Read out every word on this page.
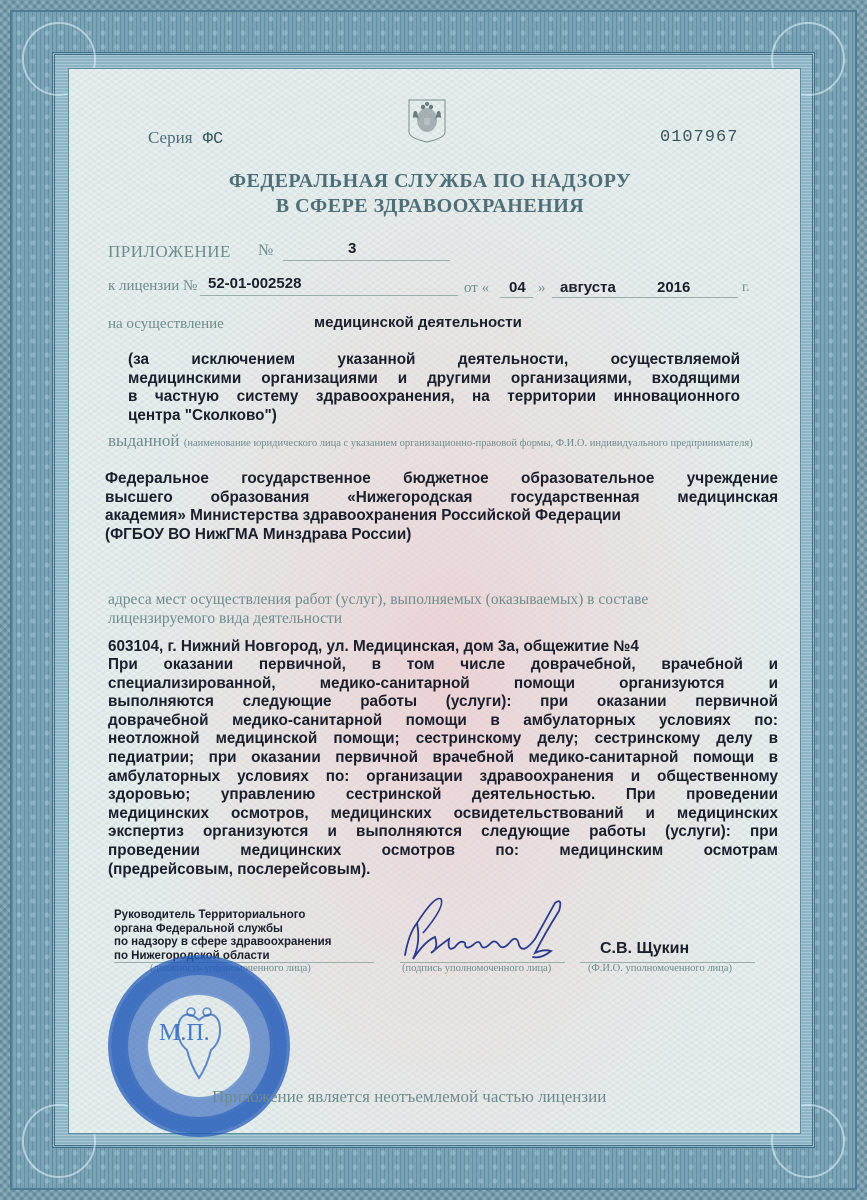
Серия ФС	0107967
ФЕДЕРАЛЬНАЯ СЛУЖБА ПО НАДЗОРУ
В СФЕРЕ ЗДРАВООХРАНЕНИЯ
ПРИЛОЖЕНИЕ №	3
к лицензии № 52-01-002528	от « 04 » августа	2016	г.
на осуществление	медицинской деятельности

(за исключением указанной деятельности, осуществляемой

медицинскими организациями и другими организациями, входящими

в частную систему здравоохранения, на территории инновационного

центра "Сколково")

выданной (наименование юридического лица с указанием организационно-правовой формы, Ф.И.О. индивидуального предпринимателя)

Федеральное государственное бюджетное образовательное учреждение

высшего образования «Нижегородская государственная медицинская

академия» Министерства здравоохранения Российской Федерации

(ФГБОУ ВО НижГМА Минздрава России)

адреса мест осуществления работ (услуг), выполняемых (оказываемых) в составе
лицензируемого вида деятельности
603104, г. Нижний Новгород, ул. Медицинская, дом 3а, общежитие №4

При оказании первичной, в том числе доврачебной, врачебной и

специализированной, медико-санитарной помощи организуются и

выполняются следующие работы (услуги): при оказании первичной

доврачебной медико-санитарной помощи в амбулаторных условиях по:

неотложной медицинской помощи; сестринскому делу; сестринскому делу в

педиатрии; при оказании первичной врачебной медико-санитарной помощи в

амбулаторных условиях по: организации здравоохранения и общественному

здоровью; управлению сестринской деятельностью. При проведении

медицинских осмотров, медицинских освидетельствований и медицинских

экспертиз организуются и выполняются следующие работы (услуги): при

проведении медицинских осмотров по: медицинским осмотрам

(предрейсовым, послерейсовым).

Руководитель Территориального
органа Федеральной службы
по надзору в сфере здравоохранения
по Нижегородской области
(должность уполномоченного лица)	(подпись уполномоченного лица)
С.В. Щукин
(Ф.И.О. уполномоченного лица)
М.П.
Приложение является неотъемлемой частью лицензии
